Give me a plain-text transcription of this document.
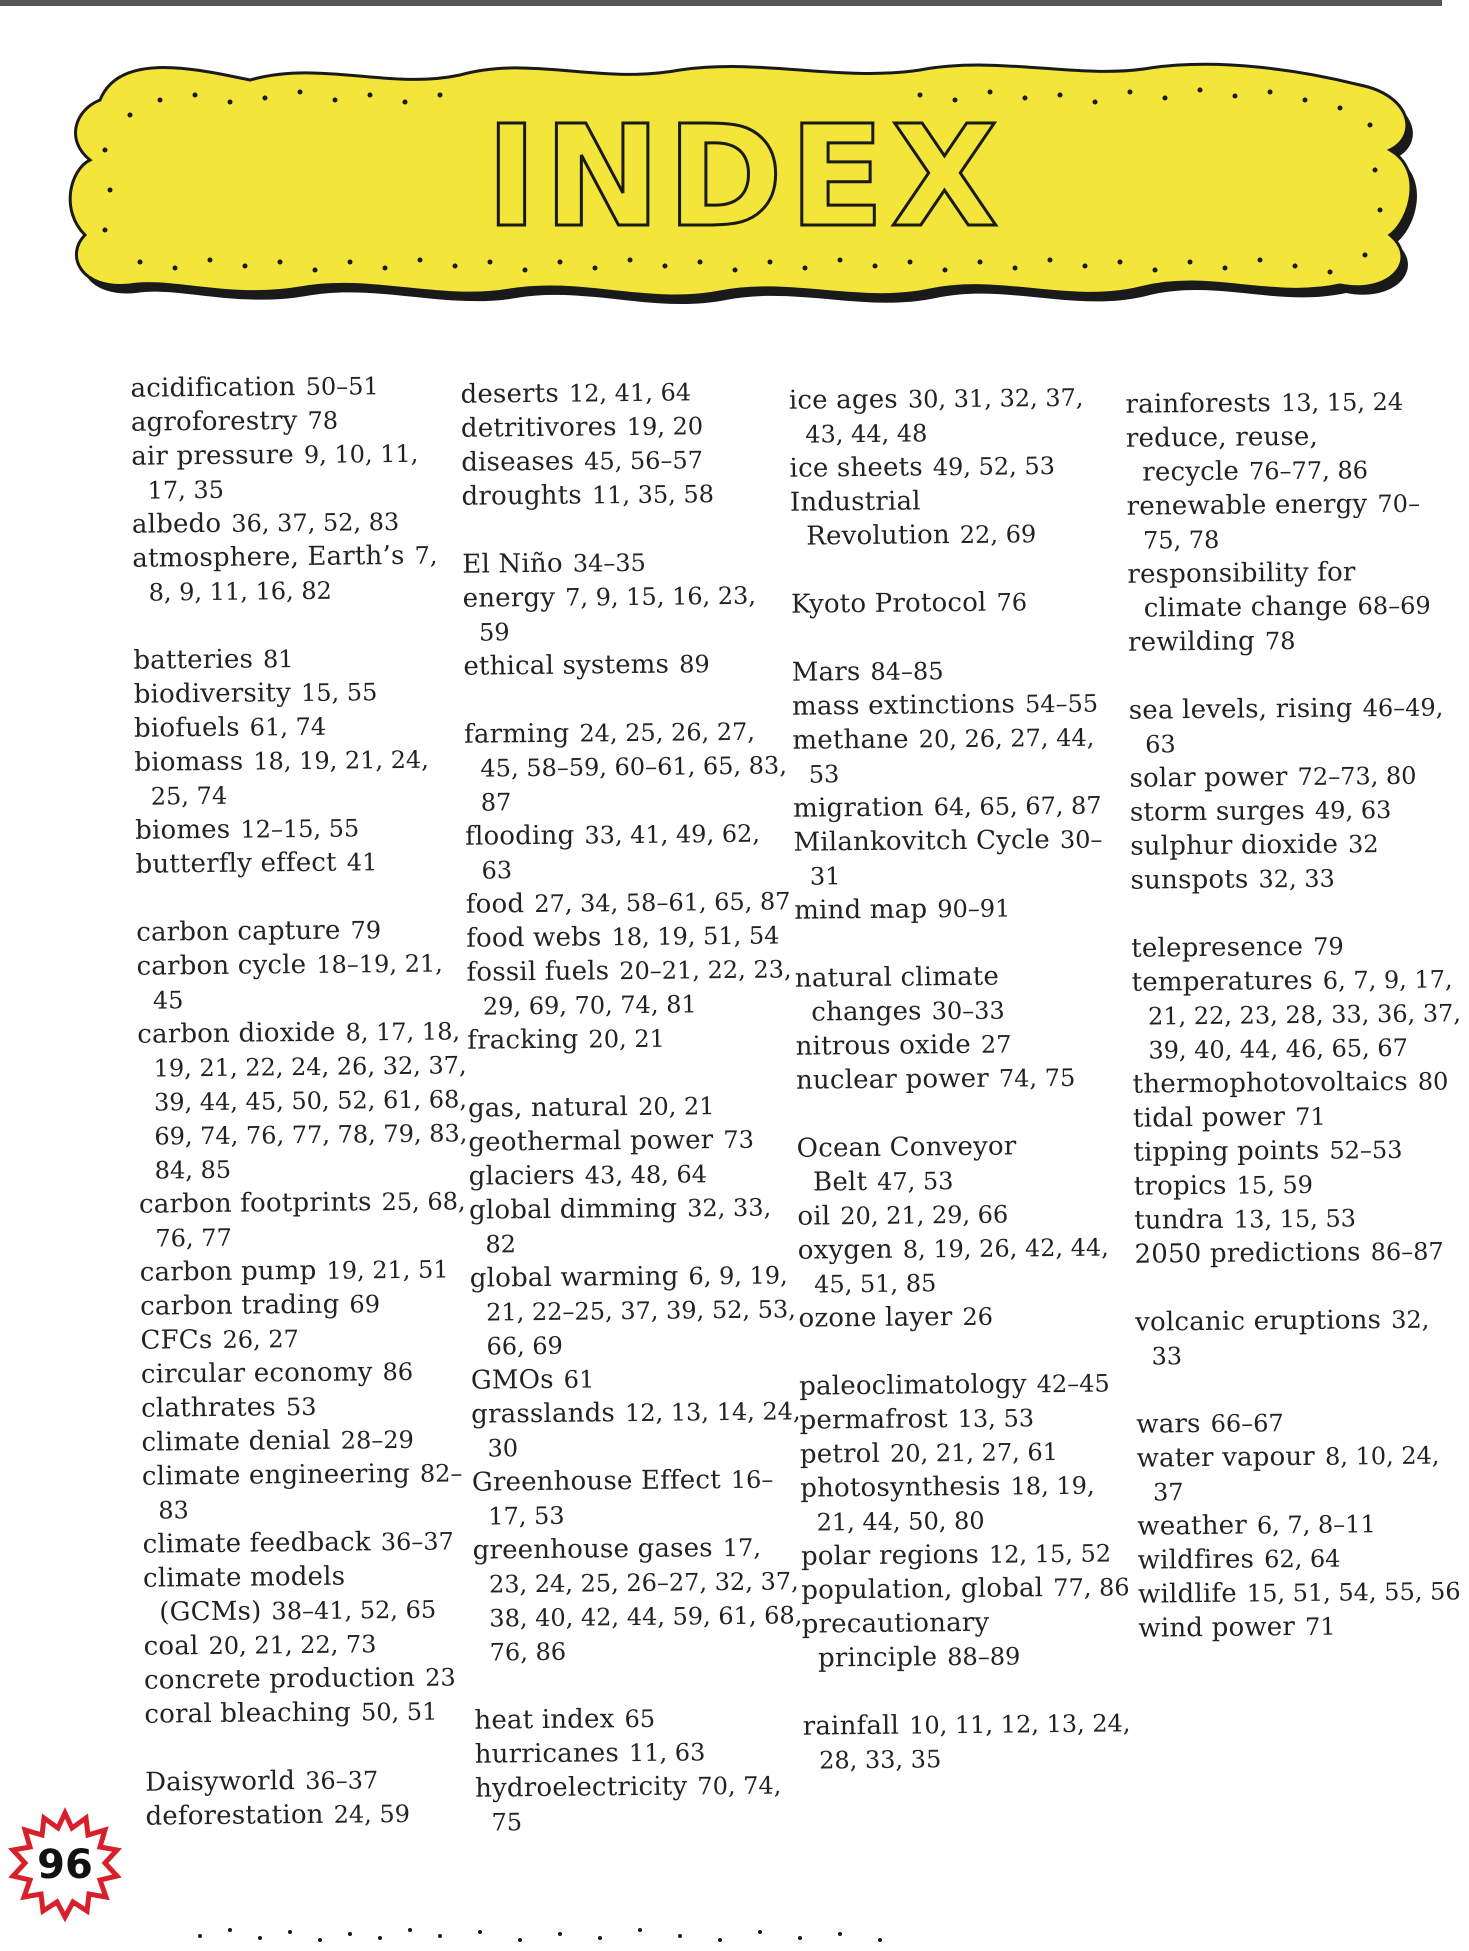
INDEX

acidification 50–51

agroforestry 78

air pressure 9, 10, 11, 17, 35

albedo 36, 37, 52, 83

atmosphere, Earth’s 7, 8, 9, 11, 16, 82

batteries 81

biodiversity 15, 55

biofuels 61, 74

biomass 18, 19, 21, 24, 25, 74

biomes 12–15, 55

butterfly effect 41

carbon capture 79

carbon cycle 18–19, 21, 45

carbon dioxide 8, 17, 18, 19, 21, 22, 24, 26, 32, 37, 39, 44, 45, 50, 52, 61, 68, 69, 74, 76, 77, 78, 79, 83, 84, 85

carbon footprints 25, 68, 76, 77

carbon pump 19, 21, 51

carbon trading 69

CFCs 26, 27

circular economy 86

clathrates 53

climate denial 28–29

climate engineering 82–83

climate feedback 36–37

climate models (GCMs) 38–41, 52, 65

coal 20, 21, 22, 73

concrete production 23

coral bleaching 50, 51

Daisyworld 36–37

deforestation 24, 59

deserts 12, 41, 64

detritivores 19, 20

diseases 45, 56–57

droughts 11, 35, 58

El Niño 34–35

energy 7, 9, 15, 16, 23, 59

ethical systems 89

farming 24, 25, 26, 27, 45, 58–59, 60–61, 65, 83, 87

flooding 33, 41, 49, 62, 63

food 27, 34, 58–61, 65, 87

food webs 18, 19, 51, 54

fossil fuels 20–21, 22, 23, 29, 69, 70, 74, 81

fracking 20, 21

gas, natural 20, 21

geothermal power 73

glaciers 43, 48, 64

global dimming 32, 33, 82

global warming 6, 9, 19, 21, 22–25, 37, 39, 52, 53, 66, 69

GMOs 61

grasslands 12, 13, 14, 24, 30

Greenhouse Effect 16–17, 53

greenhouse gases 17, 23, 24, 25, 26–27, 32, 37, 38, 40, 42, 44, 59, 61, 68, 76, 86

heat index 65

hurricanes 11, 63

hydroelectricity 70, 74, 75

ice ages 30, 31, 32, 37, 43, 44, 48

ice sheets 49, 52, 53

Industrial Revolution 22, 69

Kyoto Protocol 76

Mars 84–85

mass extinctions 54–55

methane 20, 26, 27, 44, 53

migration 64, 65, 67, 87

Milankovitch Cycle 30–31

mind map 90–91

natural climate changes 30–33

nitrous oxide 27

nuclear power 74, 75

Ocean Conveyor Belt 47, 53

oil 20, 21, 29, 66

oxygen 8, 19, 26, 42, 44, 45, 51, 85

ozone layer 26

paleoclimatology 42–45

permafrost 13, 53

petrol 20, 21, 27, 61

photosynthesis 18, 19, 21, 44, 50, 80

polar regions 12, 15, 52

population, global 77, 86

precautionary principle 88–89

rainfall 10, 11, 12, 13, 24, 28, 33, 35

rainforests 13, 15, 24

reduce, reuse, recycle 76–77, 86

renewable energy 70–75, 78

responsibility for climate change 68–69

rewilding 78

sea levels, rising 46–49, 63

solar power 72–73, 80

storm surges 49, 63

sulphur dioxide 32

sunspots 32, 33

telepresence 79

temperatures 6, 7, 9, 17, 21, 22, 23, 28, 33, 36, 37, 39, 40, 44, 46, 65, 67

thermophotovoltaics 80

tidal power 71

tipping points 52–53

tropics 15, 59

tundra 13, 15, 53

2050 predictions 86–87

volcanic eruptions 32, 33

wars 66–67

water vapour 8, 10, 24, 37

weather 6, 7, 8–11

wildfires 62, 64

wildlife 15, 51, 54, 55, 56

wind power 71

96
